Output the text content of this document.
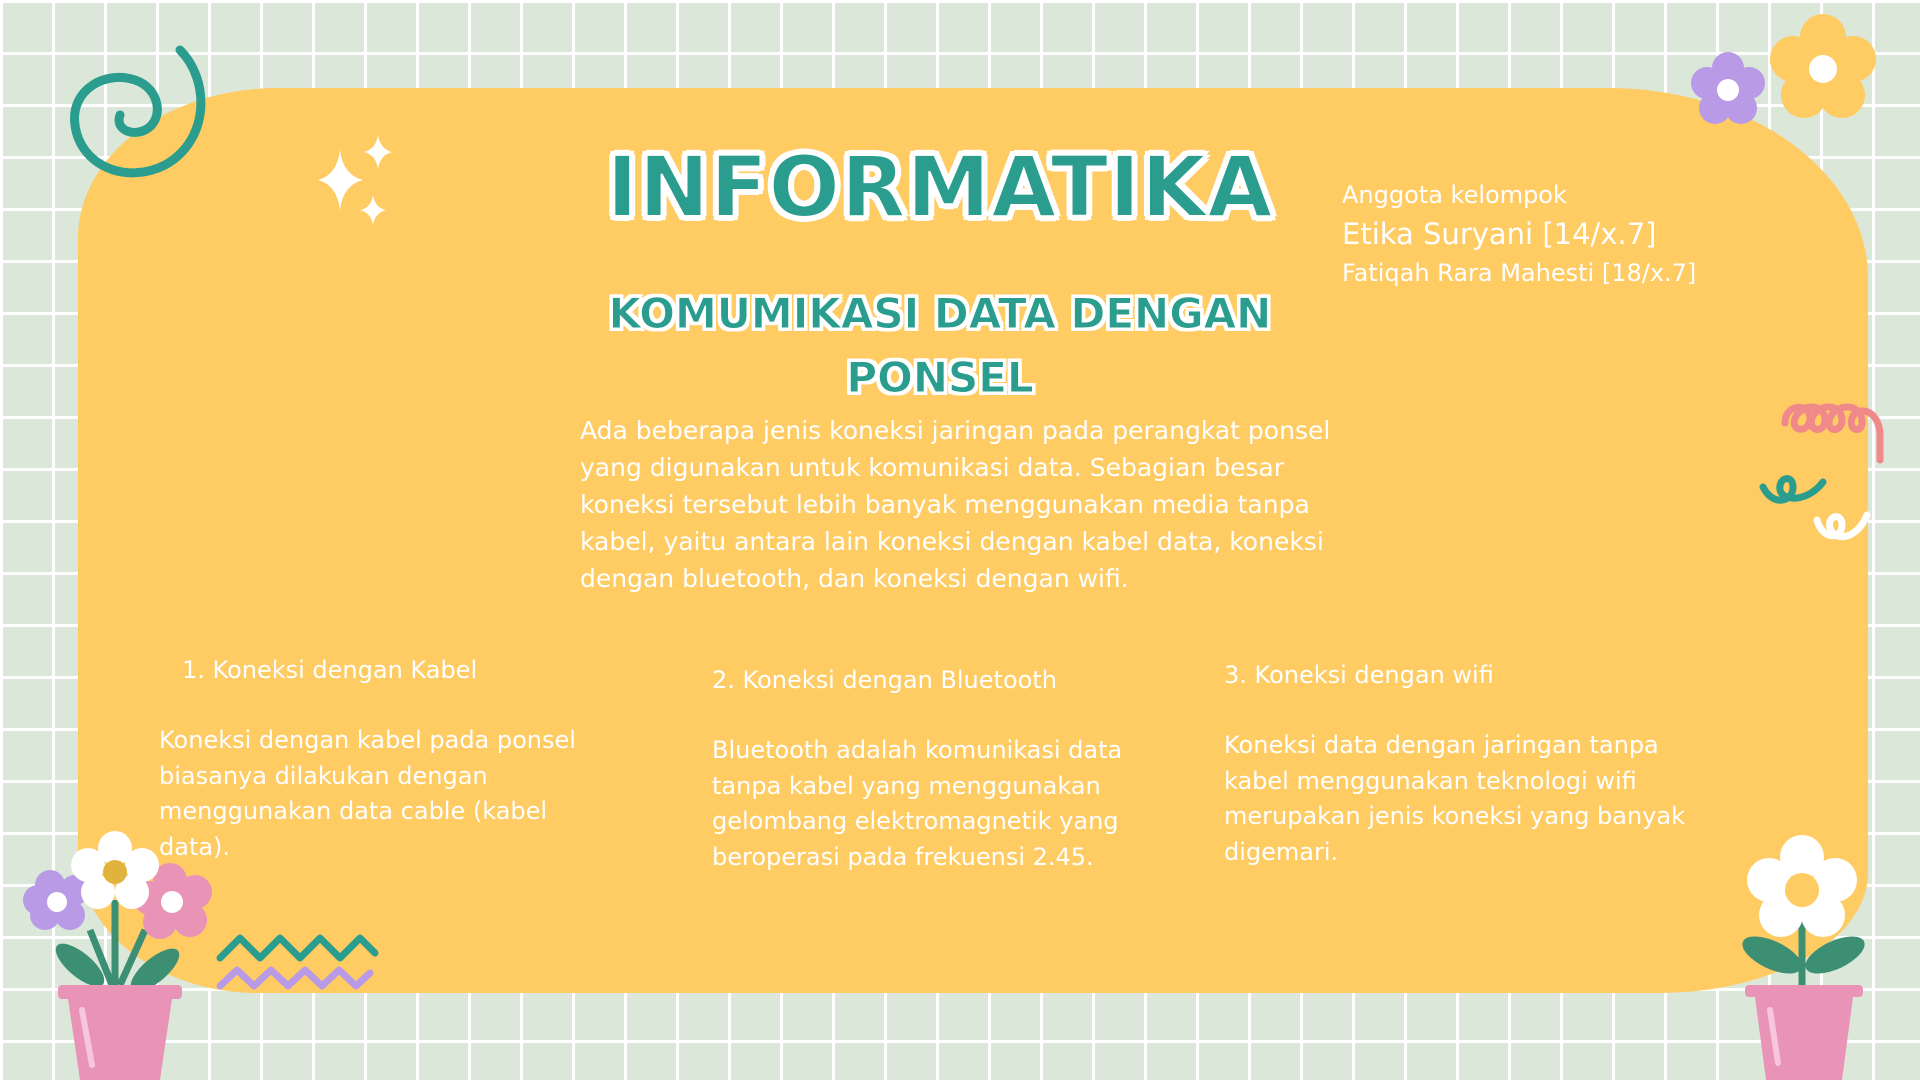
INFORMATIKA
KOMUMIKASI DATA DENGAN PONSEL
Anggota kelompok
Etika Suryani [14/x.7]
Fatiqah Rara Mahesti [18/x.7]
Ada beberapa jenis koneksi jaringan pada perangkat ponsel yang digunakan untuk komunikasi data. Sebagian besar koneksi tersebut lebih banyak menggunakan media tanpa kabel, yaitu antara lain koneksi dengan kabel data, koneksi dengan bluetooth, dan koneksi dengan wifi.
1. Koneksi dengan Kabel
Koneksi dengan kabel pada ponsel biasanya dilakukan dengan menggunakan data cable (kabel data).
2. Koneksi dengan Bluetooth
Bluetooth adalah komunikasi data tanpa kabel yang menggunakan gelombang elektromagnetik yang beroperasi pada frekuensi 2.45.
3. Koneksi dengan wifi
Koneksi data dengan jaringan tanpa kabel menggunakan teknologi wifi merupakan jenis koneksi yang banyak digemari.
